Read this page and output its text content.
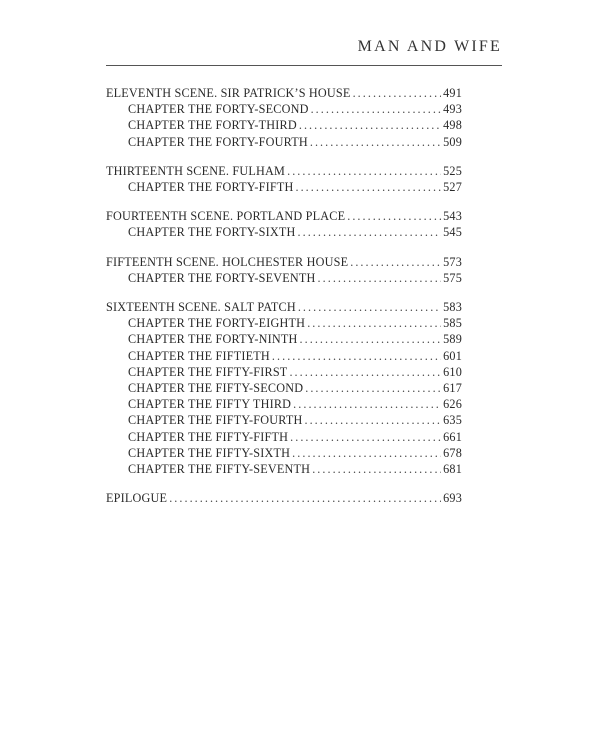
MAN AND WIFE
ELEVENTH SCENE. SIR PATRICK’S HOUSE . . .	491
CHAPTER THE FORTY-SECOND . . .	493
CHAPTER THE FORTY-THIRD . . .	498
CHAPTER THE FORTY-FOURTH . . .	509
THIRTEENTH SCENE. FULHAM . . .	525
CHAPTER THE FORTY-FIFTH . . .	527
FOURTEENTH SCENE. PORTLAND PLACE . . .	543
CHAPTER THE FORTY-SIXTH . . .	545
FIFTEENTH SCENE. HOLCHESTER HOUSE . . .	573
CHAPTER THE FORTY-SEVENTH . . .	575
SIXTEENTH SCENE. SALT PATCH . . .	583
CHAPTER THE FORTY-EIGHTH . . .	585
CHAPTER THE FORTY-NINTH . . .	589
CHAPTER THE FIFTIETH . . .	601
CHAPTER THE FIFTY-FIRST . . .	610
CHAPTER THE FIFTY-SECOND . . .	617
CHAPTER THE FIFTY THIRD . . .	626
CHAPTER THE FIFTY-FOURTH . . .	635
CHAPTER THE FIFTY-FIFTH . . .	661
CHAPTER THE FIFTY-SIXTH . . .	678
CHAPTER THE FIFTY-SEVENTH . . .	681
EPILOGUE . . .	693
